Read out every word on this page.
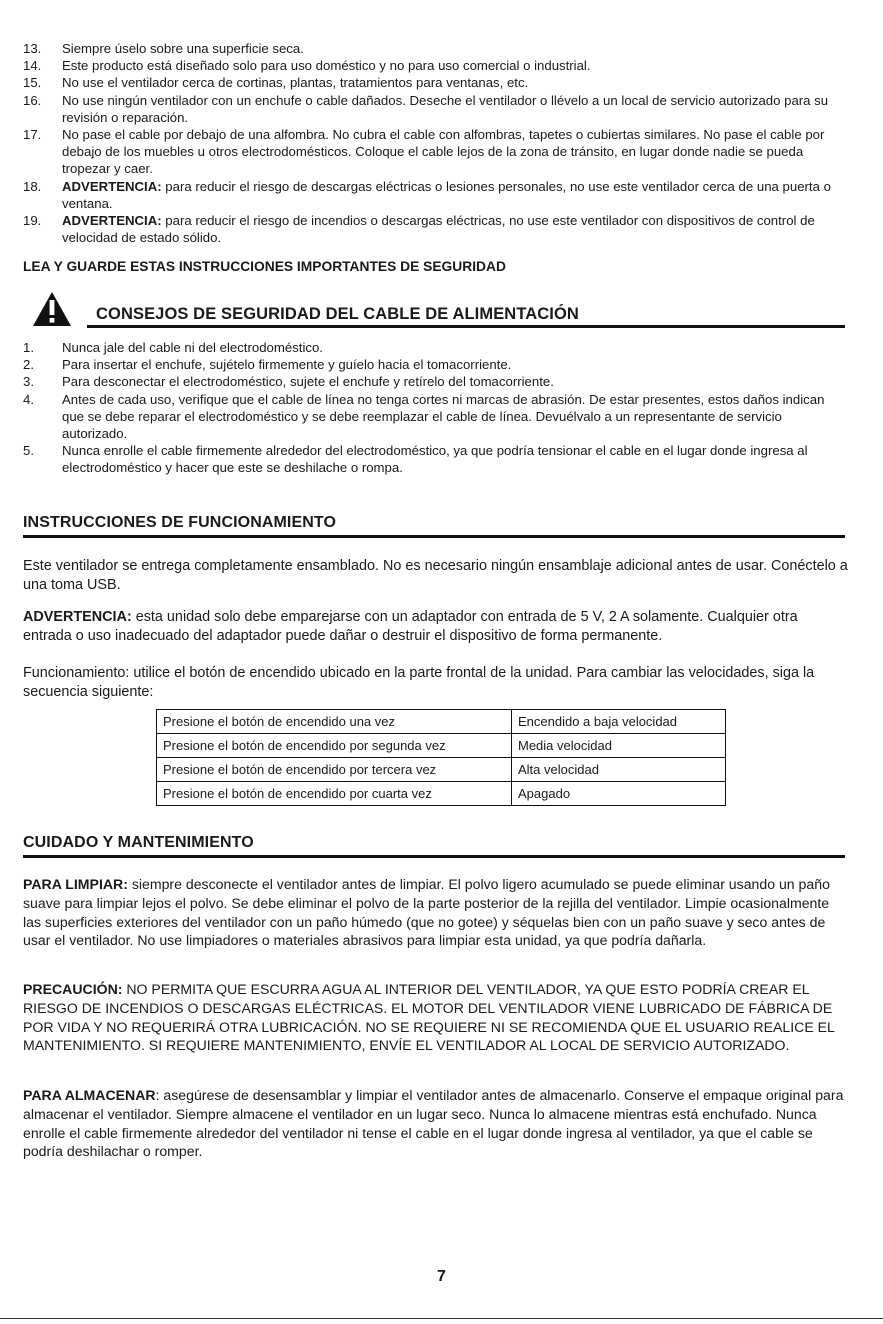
13. Siempre úselo sobre una superficie seca.
14. Este producto está diseñado solo para uso doméstico y no para uso comercial o industrial.
15. No use el ventilador cerca de cortinas, plantas, tratamientos para ventanas, etc.
16. No use ningún ventilador con un enchufe o cable dañados. Deseche el ventilador o llévelo a un local de servicio autorizado para su revisión o reparación.
17. No pase el cable por debajo de una alfombra. No cubra el cable con alfombras, tapetes o cubiertas similares. No pase el cable por debajo de los muebles u otros electrodomésticos. Coloque el cable lejos de la zona de tránsito, en lugar donde nadie se pueda tropezar y caer.
18. ADVERTENCIA: para reducir el riesgo de descargas eléctricas o lesiones personales, no use este ventilador cerca de una puerta o ventana.
19. ADVERTENCIA: para reducir el riesgo de incendios o descargas eléctricas, no use este ventilador con dispositivos de control de velocidad de estado sólido.
LEA Y GUARDE ESTAS INSTRUCCIONES IMPORTANTES DE SEGURIDAD
CONSEJOS DE SEGURIDAD DEL CABLE DE ALIMENTACIÓN
1. Nunca jale del cable ni del electrodoméstico.
2. Para insertar el enchufe, sujételo firmemente y guíelo hacia el tomacorriente.
3. Para desconectar el electrodoméstico, sujete el enchufe y retírelo del tomacorriente.
4. Antes de cada uso, verifique que el cable de línea no tenga cortes ni marcas de abrasión. De estar presentes, estos daños indican que se debe reparar el electrodoméstico y se debe reemplazar el cable de línea. Devuélvalo a un representante de servicio autorizado.
5. Nunca enrolle el cable firmemente alrededor del electrodoméstico, ya que podría tensionar el cable en el lugar donde ingresa al electrodoméstico y hacer que este se deshilache o rompa.
INSTRUCCIONES DE FUNCIONAMIENTO

Este ventilador se entrega completamente ensamblado. No es necesario ningún ensamblaje adicional antes de usar. Conéctelo a una toma USB.

ADVERTENCIA: esta unidad solo debe emparejarse con un adaptador con entrada de 5 V, 2 A solamente. Cualquier otra entrada o uso inadecuado del adaptador puede dañar o destruir el dispositivo de forma permanente.

Funcionamiento: utilice el botón de encendido ubicado en la parte frontal de la unidad. Para cambiar las velocidades, siga la secuencia siguiente:

Presione el botón de encendido una vez	Encendido a baja velocidad
Presione el botón de encendido por segunda vez	Media velocidad
Presione el botón de encendido por tercera vez	Alta velocidad
Presione el botón de encendido por cuarta vez	Apagado
CUIDADO Y MANTENIMIENTO

PARA LIMPIAR: siempre desconecte el ventilador antes de limpiar. El polvo ligero acumulado se puede eliminar usando un paño suave para limpiar lejos el polvo. Se debe eliminar el polvo de la parte posterior de la rejilla del ventilador. Limpie ocasionalmente las superficies exteriores del ventilador con un paño húmedo (que no gotee) y séquelas bien con un paño suave y seco antes de usar el ventilador. No use limpiadores o materiales abrasivos para limpiar esta unidad, ya que podría dañarla.

PRECAUCIÓN: NO PERMITA QUE ESCURRA AGUA AL INTERIOR DEL VENTILADOR, YA QUE ESTO PODRÍA CREAR EL RIESGO DE INCENDIOS O DESCARGAS ELÉCTRICAS. EL MOTOR DEL VENTILADOR VIENE LUBRICADO DE FÁBRICA DE POR VIDA Y NO REQUERIRÁ OTRA LUBRICACIÓN. NO SE REQUIERE NI SE RECOMIENDA QUE EL USUARIO REALICE EL MANTENIMIENTO. SI REQUIERE MANTENIMIENTO, ENVÍE EL VENTILADOR AL LOCAL DE SERVICIO AUTORIZADO.

PARA ALMACENAR: asegúrese de desensamblar y limpiar el ventilador antes de almacenarlo. Conserve el empaque original para almacenar el ventilador. Siempre almacene el ventilador en un lugar seco. Nunca lo almacene mientras está enchufado. Nunca enrolle el cable firmemente alrededor del ventilador ni tense el cable en el lugar donde ingresa al ventilador, ya que el cable se podría deshilachar o romper.

7
